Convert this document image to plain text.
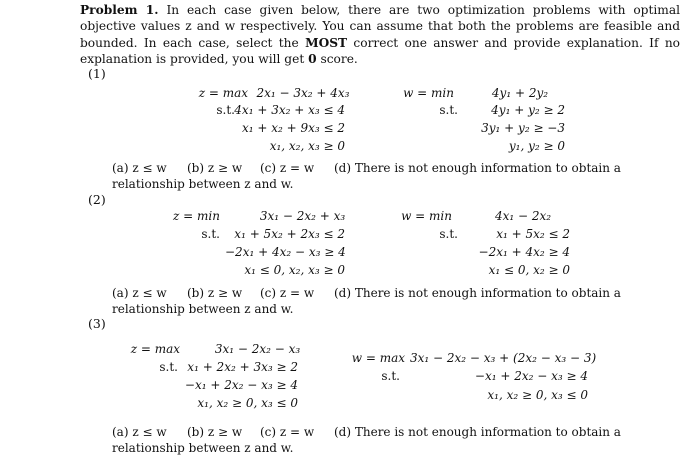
Problem 1. In each case given below, there are two optimization problems with optimal objective values z and w respectively. You can assume that both the problems are feasible and bounded. In each case, select the MOST correct one answer and provide explanation. If no explanation is provided, you will get 0 score.
(1)
z = max 2x₁ − 3x₂ + 4x₃
s.t. 4x₁ + 3x₂ + x₃ ≤ 4
x₁ + x₂ + 9x₃ ≤ 2
x₁, x₂, x₃ ≥ 0
w = min	4y₁ + 2y₂
s.t.	4y₁ + y₂ ≥ 2
3y₁ + y₂ ≥ −3
y₁, y₂ ≥ 0
(a) z ≤ w (b) z ≥ w (c) z = w (d) There is not enough information to obtain a
relationship between z and w.
(2)
z = min	3x₁ − 2x₂ + x₃
s.t.	x₁ + 5x₂ + 2x₃ ≤ 2
−2x₁ + 4x₂ − x₃ ≥ 4
x₁ ≤ 0, x₂, x₃ ≥ 0
w = min	4x₁ − 2x₂
s.t.	x₁ + 5x₂ ≤ 2
−2x₁ + 4x₂ ≥ 4
x₁ ≤ 0, x₂ ≥ 0
(a) z ≤ w (b) z ≥ w (c) z = w (d) There is not enough information to obtain a
relationship between z and w.
(3)
z = max	3x₁ − 2x₂ − x₃
s.t. x₁ + 2x₂ + 3x₃ ≥ 2
−x₁ + 2x₂ − x₃ ≥ 4
x₁, x₂ ≥ 0, x₃ ≤ 0
w = max 3x₁ − 2x₂ − x₃ + (2x₂ − x₃ − 3)
s.t.	−x₁ + 2x₂ − x₃ ≥ 4
x₁, x₂ ≥ 0, x₃ ≤ 0
(a) z ≤ w (b) z ≥ w (c) z = w (d) There is not enough information to obtain a
relationship between z and w.
